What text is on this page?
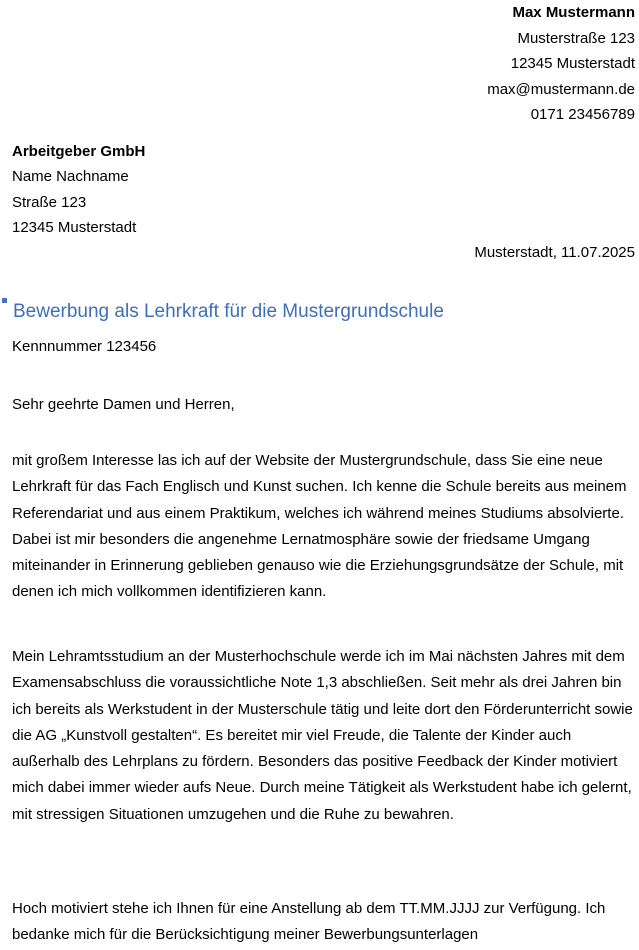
Max Mustermann
Musterstraße 123
12345 Musterstadt
max@mustermann.de
0171 23456789
Arbeitgeber GmbH
Name Nachname
Straße 123
12345 Musterstadt
Musterstadt, 11.07.2025
Bewerbung als Lehrkraft für die Mustergrundschule
Kennnummer 123456
Sehr geehrte Damen und Herren,

mit großem Interesse las ich auf der Website der Mustergrundschule, dass Sie eine neue Lehrkraft für das Fach Englisch und Kunst suchen. Ich kenne die Schule bereits aus meinem Referendariat und aus einem Praktikum, welches ich während meines Studiums absolvierte. Dabei ist mir besonders die angenehme Lernatmosphäre sowie der friedsame Umgang miteinander in Erinnerung geblieben genauso wie die Erziehungsgrundsätze der Schule, mit denen ich mich vollkommen identifizieren kann.

Mein Lehramtsstudium an der Musterhochschule werde ich im Mai nächsten Jahres mit dem Examensabschluss die voraussichtliche Note 1,3 abschließen. Seit mehr als drei Jahren bin ich bereits als Werkstudent in der Musterschule tätig und leite dort den Förderunterricht sowie die AG „Kunstvoll gestalten“. Es bereitet mir viel Freude, die Talente der Kinder auch außerhalb des Lehrplans zu fördern. Besonders das positive Feedback der Kinder motiviert mich dabei immer wieder aufs Neue. Durch meine Tätigkeit als Werkstudent habe ich gelernt, mit stressigen Situationen umzugehen und die Ruhe zu bewahren.

Hoch motiviert stehe ich Ihnen für eine Anstellung ab dem TT.MM.JJJJ zur Verfügung. Ich bedanke mich für die Berücksichtigung meiner Bewerbungsunterlagen
